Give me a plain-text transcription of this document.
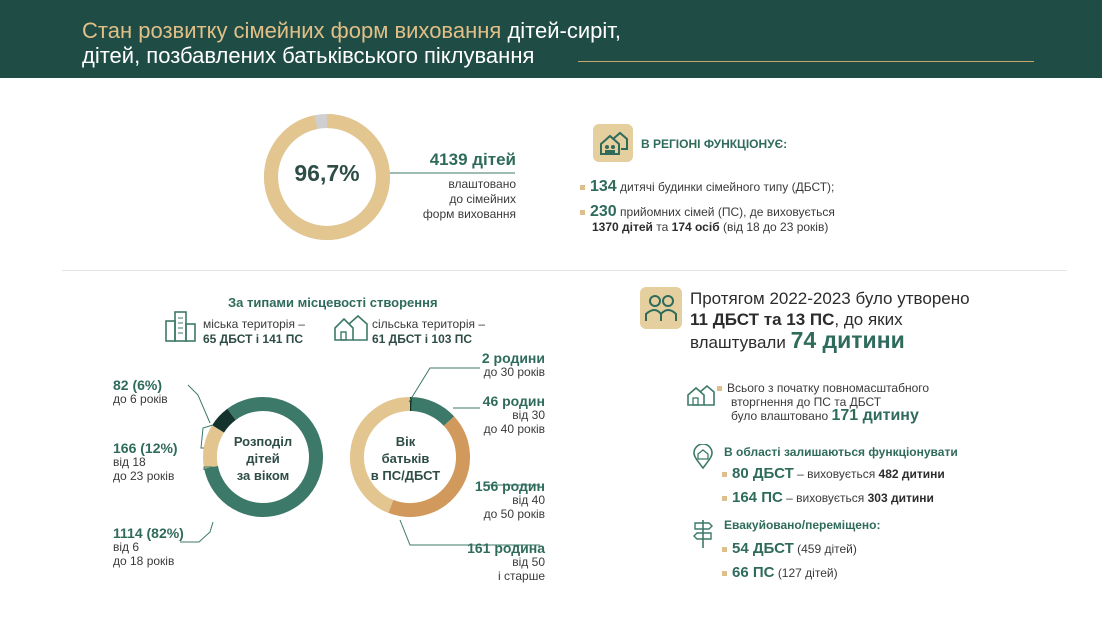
Стан розвитку сімейних форм виховання дітей-сиріт,
дітей, позбавлених батьківського піклування
96,7%
4139 дітей
влаштовано
до сімейних
форм виховання
В РЕГІОНІ ФУНКЦІОНУЄ:
134 дитячі будинки сімейного типу (ДБСТ);
230 прийомних сімей (ПС), де виховується
1370 дітей та 174 осіб (від 18 до 23 років)
За типами місцевості створення
міська територія –
65 ДБСТ і 141 ПС
сільська територія –
61 ДБСТ і 103 ПС
Розподіл
дітей
за віком
82 (6%)
до 6 років
166 (12%)
від 18
до 23 років
1114 (82%)
від 6
до 18 років
Вік
батьків
в ПС/ДБСТ
2 родини
до 30 років
46 родин
від 30
до 40 років
156 родин
від 40
до 50 років
161 родина
від 50
і старше
Протягом 2022-2023 було утворено
11 ДБСТ та 13 ПС, до яких
влаштували 74 дитини
Всього з початку повномасштабного
вторгнення до ПС та ДБСТ
було влаштовано 171 дитину
В області залишаються функціонувати
80 ДБСТ – виховується 482 дитини
164 ПС – виховується 303 дитини
Евакуйовано/переміщено:
54 ДБСТ (459 дітей)
66 ПС (127 дітей)
